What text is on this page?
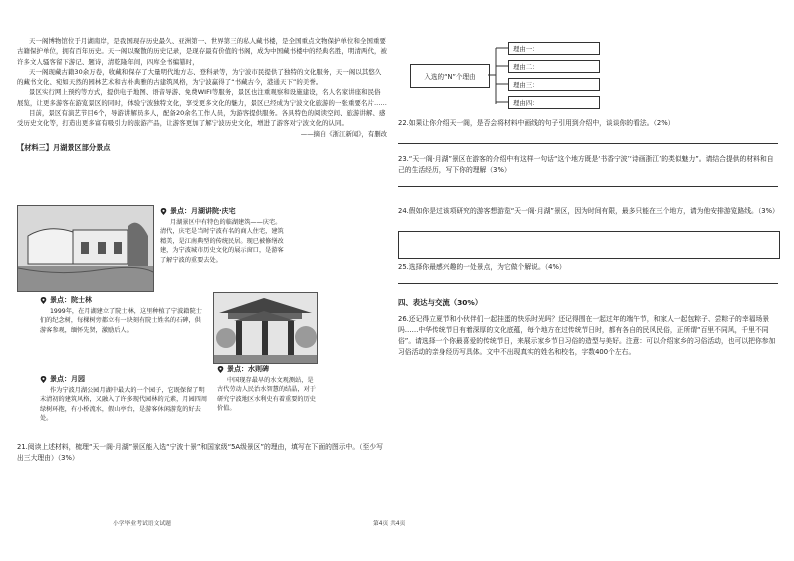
天一阁博物馆位于月湖南岸，是我国现存历史最久、亚洲第一、世界第三的私人藏书楼，是全国重点文物保护单位和全国重要古籍保护单位，拥有百年历史。天一阁以聚散的历史记录，是现存最有价值的书阁，成为中国藏书楼中的经典名胜，明清两代，被许多文人骚客留下游记、题诗，清乾隆年间，四库全书编纂时，

天一阁现藏古籍30余万卷，收藏和保存了大量明代地方志、登科录等，为宁波市民提供了独特的文化服务，天一阁以其悠久的藏书文化、宛如天然的园林艺术和古朴典雅的古建筑风格，为宁波赢得了“书藏古今，港通天下”的美誉。

景区实行网上预约等方式，提供电子地图、语音导游、免费WIFI等服务，景区也注重观察和设施建设，名人名家讲座和民俗展览，让更多游客在游览景区的同时，体验宁波独特文化，享受更多文化的魅力，景区已经成为宁波文化旅游的一张重要名片……

目前，景区有演艺节目6个，导游讲解员多人，配备20余名工作人员，为游客提供服务。各具特色的阅读空间、旅游讲解、感受历史文化等，打造出更多富有吸引力的旅游产品，让游客更加了解宁波历史文化，增进了游客对宁波文化的认同。

——摘自《浙江新闻》，有删改

【材料三】月湖景区部分景点

景点：月湖讲院·庆宅

月湖景区中有特色的临湖建筑——庆宅。清代，庆宅是当时宁波有名的商人住宅，建筑精美，是江南典型的传统民居。现已被修缮改建，为宁波城市历史文化的展示窗口，是游客了解宁波的重要去处。

景点：院士林

1999年，在月湖建立了院士林，这里种植了宁波籍院士们的纪念树，每棵树旁都立有一块刻有院士姓名的石碑，供游客参观，缅怀先贤，激励后人。

景点：水则碑

中国现存最早的水文观测站，是古代劳动人民治水智慧的结晶，对于研究宁波地区水利史有着重要的历史价值。

景点：月园

作为宁波月湖公园月湖中最大的一个园子，它既保留了明末清初的建筑风格，又融入了许多现代园林的元素，月园四周绿树环抱，有小桥流水，假山亭台，是游客休闲游览的好去处。

21.阅读上述材料，梳理“天一阁·月湖”景区能入选“宁波十景”和国家级“5A级景区”的理由，填写在下面的图示中。（至少写出三大理由）（3%）

入选的“N”个理由
理由一：
理由二：
理由三：
理由四：

22.如果让你介绍天一阁，是否会将材料中画线的句子引用到介绍中，谈谈你的看法。（2%）

23.“天一阁·月湖”景区在游客的介绍中有这样一句话“这个地方既是‘书香宁波’‘诗画浙江’的类似魅力”。请结合提供的材料和自己的生活经历，写下你的理解（3%）

24.假如你是过该项研究的游客想游览“天一阁·月湖”景区，因为时间有限，最多只能在三个地方，请为他安排游览路线。（3%）

25.选择你最感兴趣的一处景点，为它做个解说。（4%）

四、表达与交流（30%）

26.还记得立夏节和小伙伴们一起挂蛋的快乐时光吗？还记得围在一起过年的端午节，和家人一起包粽子、尝粽子的幸福场景吗……中华传统节日有着深厚的文化底蕴，每个地方在过传统节日时，都有各自的民风民俗，正所谓“百里不同风，千里不同俗”。请选择一个你最喜爱的传统节日，来展示家乡节日习俗的造型与美好。注意：可以介绍家乡的习俗活动，也可以把你参加习俗活动的亲身经历写具体。文中不出现真实的姓名和校名，字数400个左右。

小学毕业考试语文试题	第4页 共4页
